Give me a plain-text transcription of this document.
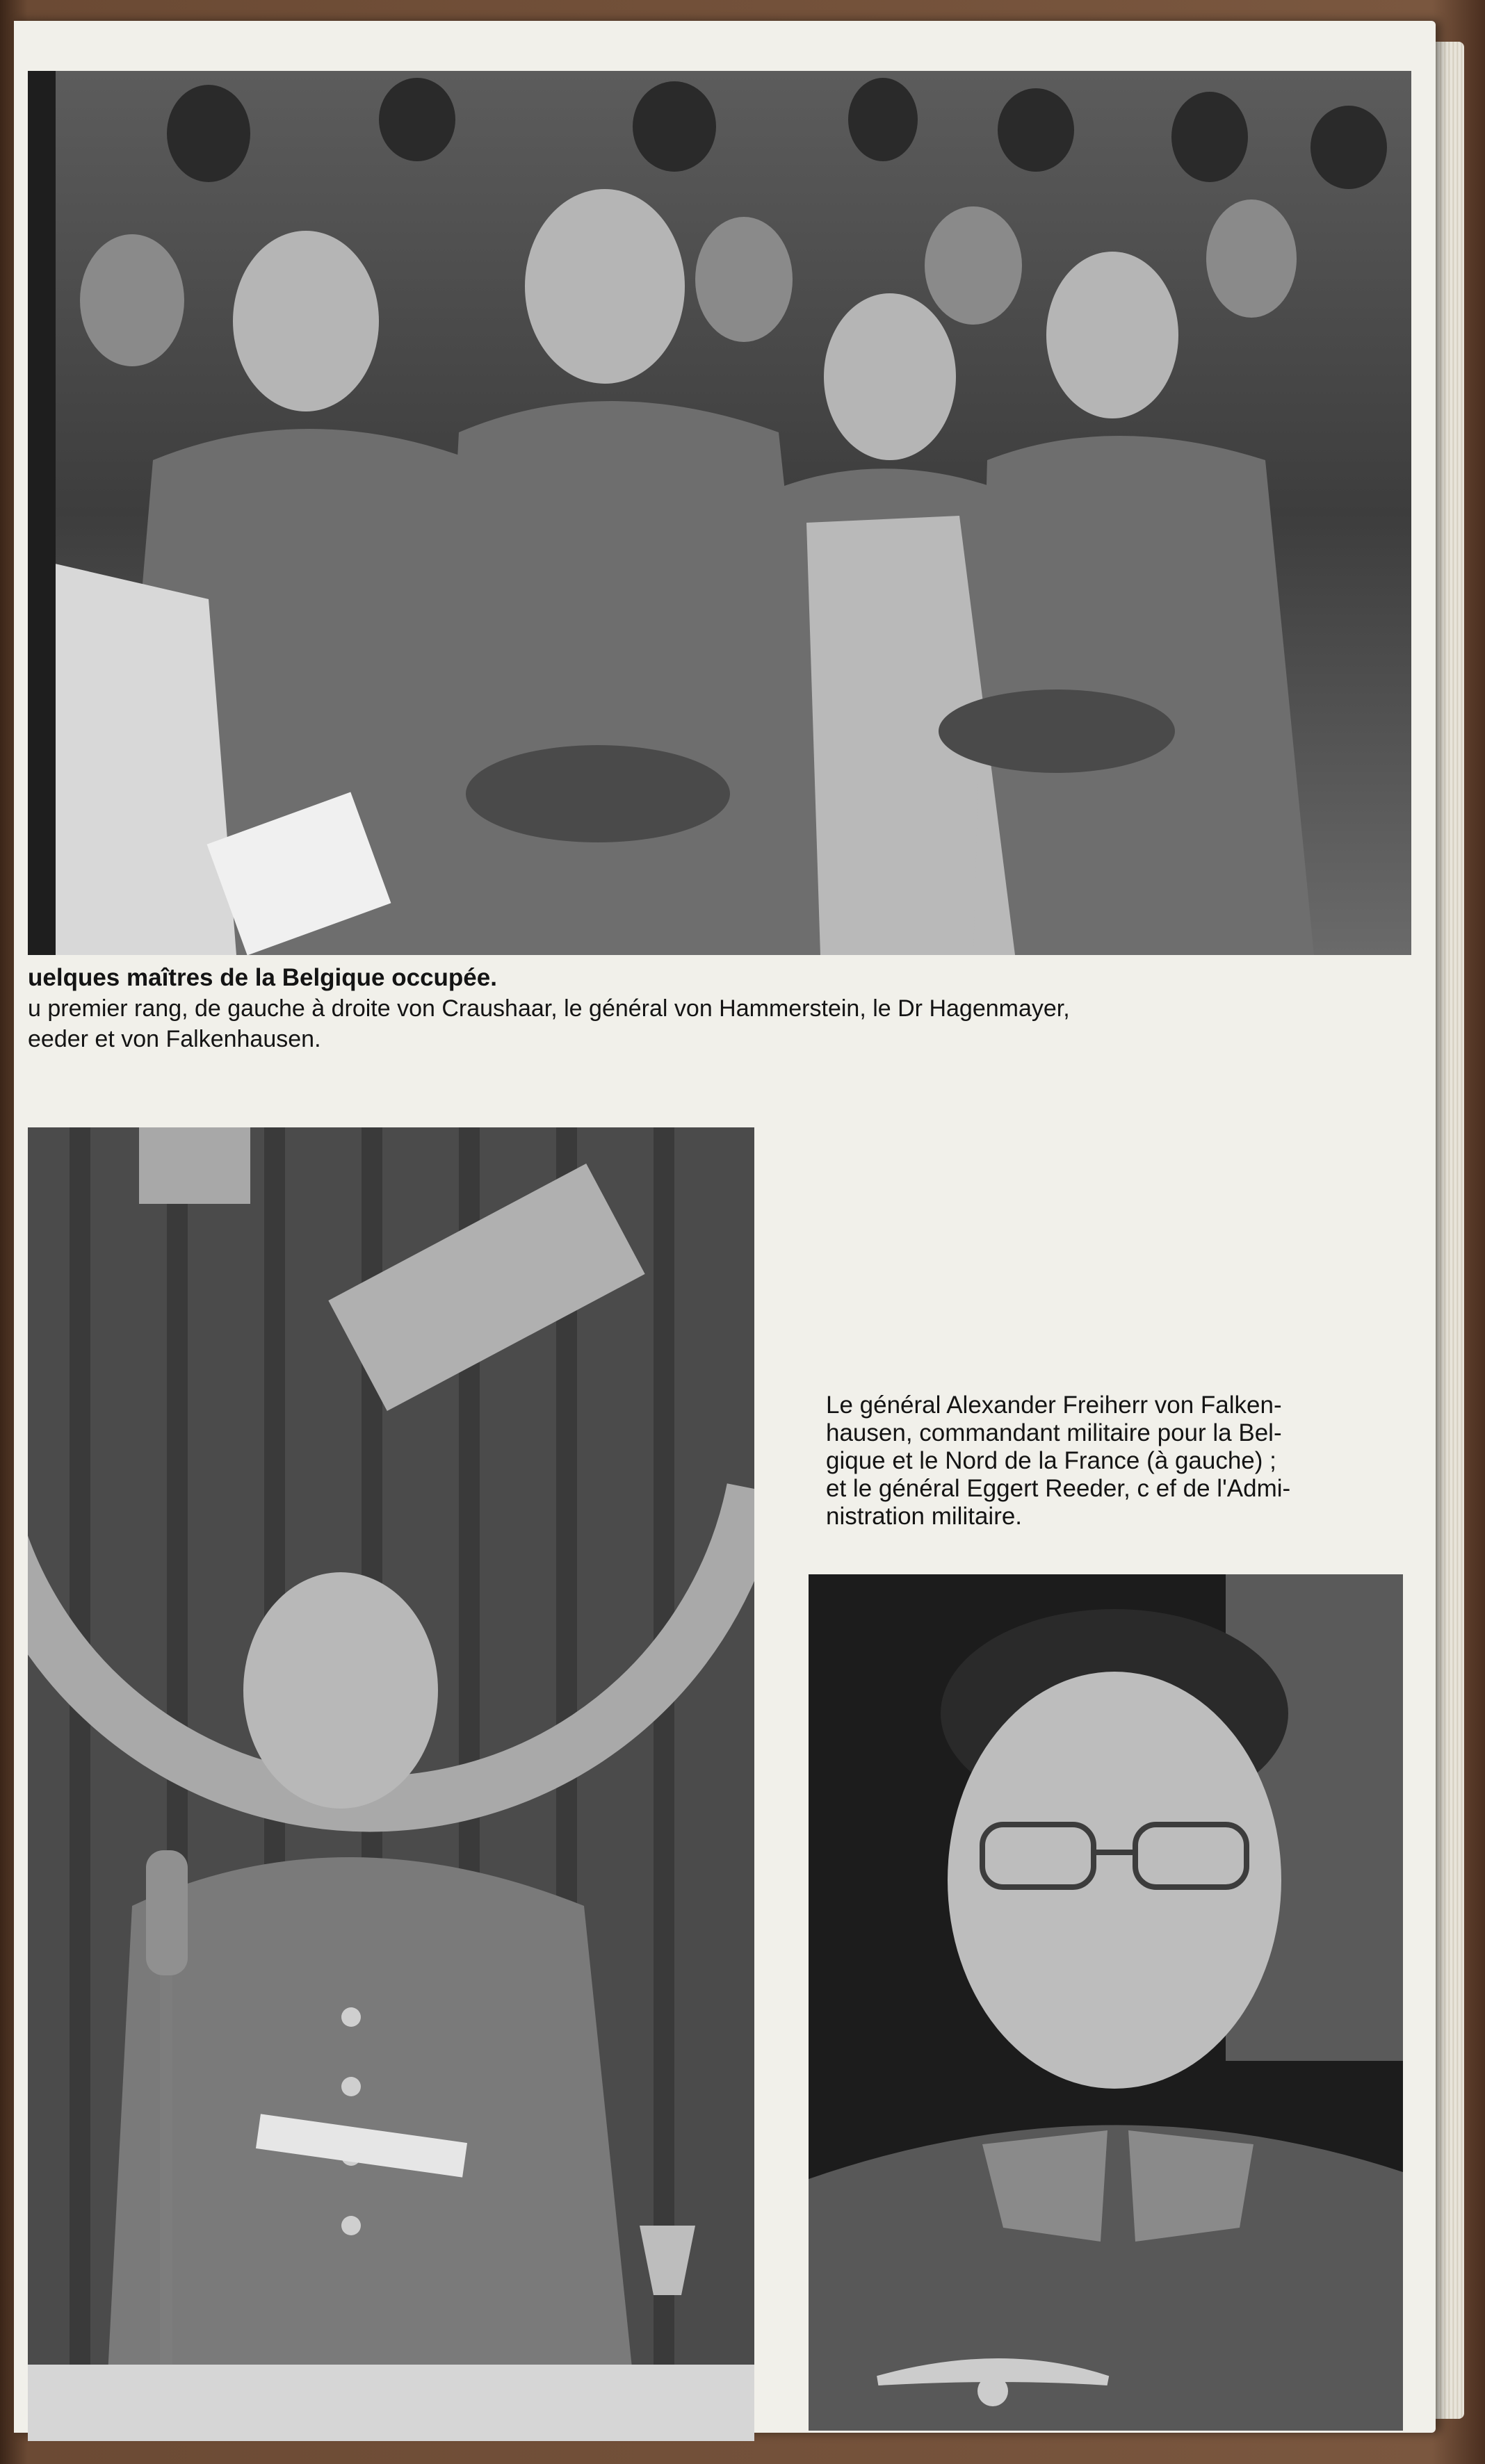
uelques maîtres de la Belgique occupée.
u premier rang, de gauche à droite von Craushaar, le général von Hammerstein, le Dr Hagenmayer,
eeder et von Falkenhausen.
Le général Alexander Freiherr von Falken-
hausen, commandant militaire pour la Bel-
gique et le Nord de la France (à gauche) ;
et le général Eggert Reeder, c ef de l'Admi-
nistration militaire.
